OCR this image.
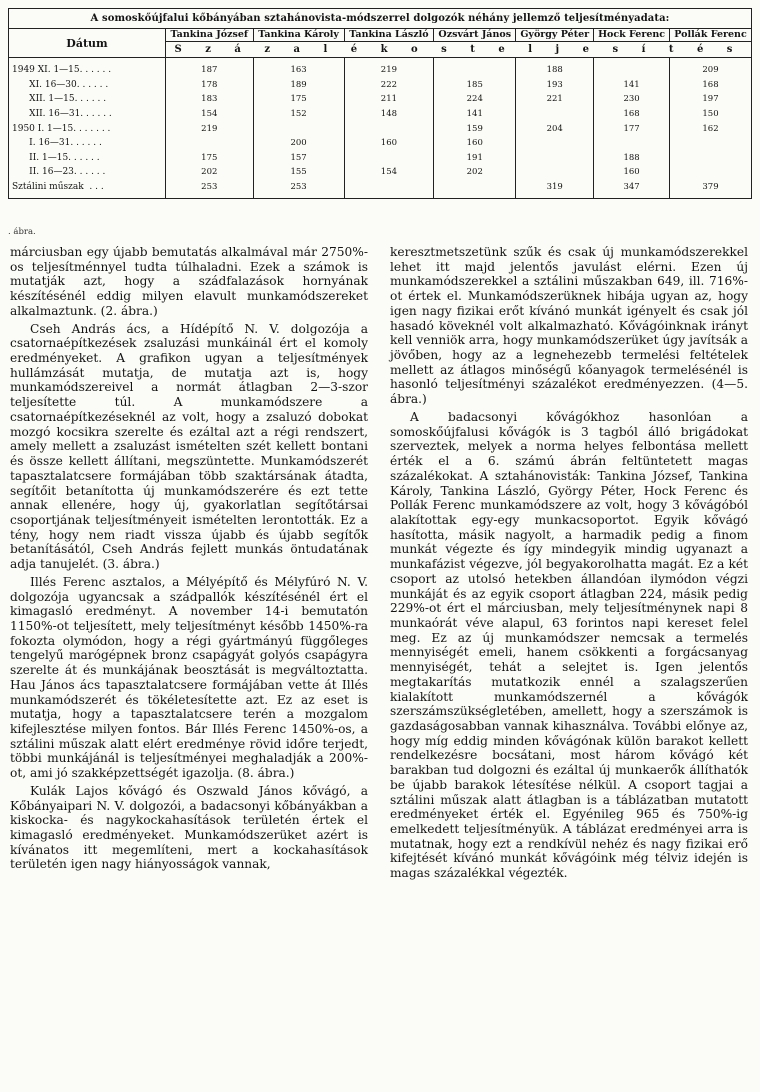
A somoskőújfalui kőbányában sztahánovista-módszerrel dolgozók néhány jellemző teljesítményadata:							
Dátum	Tankina József	Tankina Károly	Tankina László	Ozsvárt János	György Péter	Hock Ferenc	Pollák Ferenc
	S z á z a l é k o s t e l j e s í t é s						
1949 XI. 1—15. . . . . .	187	163	219		188		209
XI. 16—30. . . . . .	178	189	222	185	193	141	168
XII. 1—15. . . . . .	183	175	211	224	221	230	197
XII. 16—31. . . . . .	154	152	148	141		168	150
1950 I. 1—15. . . . . . .	219			159	204	177	162
I. 16—31. . . . . .		200	160	160			
II. 1—15. . . . . .	175	157		191		188	
II. 16—23. . . . . .	202	155	154	202		160	
Sztálini műszak  . . .	253	253			319	347	379
. ábra.

márciusban egy újabb bemutatás alkalmával már 2750%-os teljesítménnyel tudta túlhaladni. Ezek a számok is mutatják azt, hogy a szádfalazások hornyának készítésénél eddig milyen elavult munkamódszereket alkalmaztunk. (2. ábra.)

Cseh András ács, a Hídépítő N. V. dolgozója a csatornaépítkezések zsaluzási munkáinál ért el komoly eredményeket. A grafikon ugyan a teljesítmények hullámzását mutatja, de mutatja azt is, hogy munkamódszereivel a normát átlagban 2—3-szor teljesítette túl. A munkamódszere a csatornaépítkezéseknél az volt, hogy a zsaluzó dobokat mozgó kocsikra szerelte és ezáltal azt a régi rendszert, amely mellett a zsaluzást ismételten szét kellett bontani és össze kellett állítani, megszüntette. Munkamódszerét tapasztalatcsere formájában több szaktársának átadta, segítőit betanította új munkamódszerére és ezt tette annak ellenére, hogy új, gyakorlatlan segítőtársai csoportjának teljesítményeit ismételten lerontották. Ez a tény, hogy nem riadt vissza újabb és újabb segítők betanításától, Cseh András fejlett munkás öntudatának adja tanujelét. (3. ábra.)

Illés Ferenc asztalos, a Mélyépítő és Mélyfúró N. V. dolgozója ugyancsak a szádpallók készítésénél ért el kimagasló eredményt. A november 14-i bemutatón 1150%-ot teljesített, mely teljesítményt később 1450%-ra fokozta olymódon, hogy a régi gyártmányú függőleges tengelyű marógépnek bronz csapágyát golyós csapágyra szerelte át és munkájának beosztását is megváltoztatta. Hau János ács tapasztalatcsere formájában vette át Illés munkamódszerét és tökéletesítette azt. Ez az eset is mutatja, hogy a tapasztalatcsere terén a mozgalom kifejlesztése milyen fontos. Bár Illés Ferenc 1450%-os, a sztálini műszak alatt elért eredménye rövid időre terjedt, többi munkájánál is teljesítményei meghaladják a 200%-ot, ami jó szakképzettségét igazolja. (8. ábra.)

Kulák Lajos kővágó és Oszwald János kővágó, a Kőbányaipari N. V. dolgozói, a badacsonyi kőbányákban a kiskocka- és nagykockahasítások területén értek el kimagasló eredményeket. Munkamódszerüket azért is kívánatos itt megemlíteni, mert a kockahasítások területén igen nagy hiányosságok vannak,

keresztmetszetünk szűk és csak új munkamódszerekkel lehet itt majd jelentős javulást elérni. Ezen új munkamódszerekkel a sztálini műszakban 649, ill. 716%-ot értek el. Munkamódszerüknek hibája ugyan az, hogy igen nagy fizikai erőt kívánó munkát igényelt és csak jól hasadó köveknél volt alkalmazható. Kővágóinknak irányt kell venniök arra, hogy munkamódszerüket úgy javítsák a jövőben, hogy az a legnehezebb termelési feltételek mellett az átlagos minőségű kőanyagok termelésénél is hasonló teljesítményi százalékot eredményezzen. (4—5. ábra.)

A badacsonyi kővágókhoz hasonlóan a somoskőújfalusi kővágók is 3 tagból álló brigádokat szerveztek, melyek a norma helyes felbontása mellett érték el a 6. számú ábrán feltüntetett magas százalékokat. A sztahánovisták: Tankina József, Tankina Károly, Tankina László, György Péter, Hock Ferenc és Pollák Ferenc munkamódszere az volt, hogy 3 kővágóból alakítottak egy-egy munkacsoportot. Egyik kővágó hasította, másik nagyolt, a harmadik pedig a finom munkát végezte és így mindegyik mindig ugyanazt a munkafázist végezve, jól begyakorolhatta magát. Ez a két csoport az utolsó hetekben állandóan ilymódon végzi munkáját és az egyik csoport átlagban 224, másik pedig 229%-ot ért el márciusban, mely teljesítménynek napi 8 munkaórát véve alapul, 63 forintos napi kereset felel meg. Ez az új munkamódszer nemcsak a termelés mennyiségét emeli, hanem csökkenti a forgácsanyag mennyiségét, tehát a selejtet is. Igen jelentős megtakarítás mutatkozik ennél a szalagszerűen kialakított munkamódszernél a kővágók szerszámszükségletében, amellett, hogy a szerszámok is gazdaságosabban vannak kihasználva. További előnye az, hogy míg eddig minden kővágónak külön barakot kellett rendelkezésre bocsátani, most három kővágó két barakban tud dolgozni és ezáltal új munkaerők állíthatók be újabb barakok létesítése nélkül. A csoport tagjai a sztálini műszak alatt átlagban is a táblázatban mutatott eredményeket érték el. Egyénileg 965 és 750%-ig emelkedett teljesítményük. A táblázat eredményei arra is mutatnak, hogy ezt a rendkívül nehéz és nagy fizikai erő kifejtését kívánó munkát kővágóink még télviz idején is magas százalékkal végezték.
